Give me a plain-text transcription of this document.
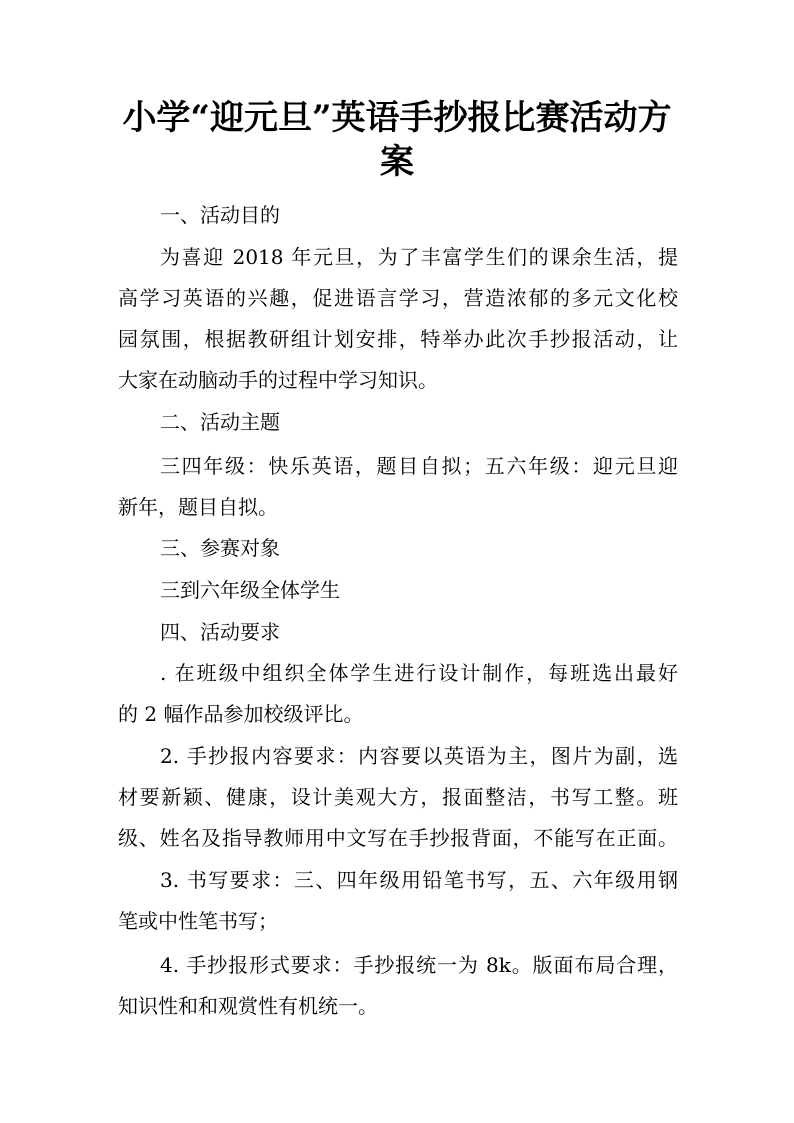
小学“迎元旦”英语手抄报比赛活动方
案
一、活动目的
为喜迎 2018 年元旦，为了丰富学生们的课余生活，提
高学习英语的兴趣，促进语言学习，营造浓郁的多元文化校
园氛围，根据教研组计划安排，特举办此次手抄报活动，让
大家在动脑动手的过程中学习知识。
二、活动主题
三四年级：快乐英语，题目自拟；五六年级：迎元旦迎
新年，题目自拟。
三、参赛对象
三到六年级全体学生
四、活动要求
. 在班级中组织全体学生进行设计制作，每班选出最好
的 2 幅作品参加校级评比。
2. 手抄报内容要求：内容要以英语为主，图片为副，选
材要新颖、健康，设计美观大方，报面整洁，书写工整。班
级、姓名及指导教师用中文写在手抄报背面，不能写在正面。
3. 书写要求：三、四年级用铅笔书写，五、六年级用钢
笔或中性笔书写；
4. 手抄报形式要求：手抄报统一为 8k。版面布局合理，
知识性和和观赏性有机统一。
